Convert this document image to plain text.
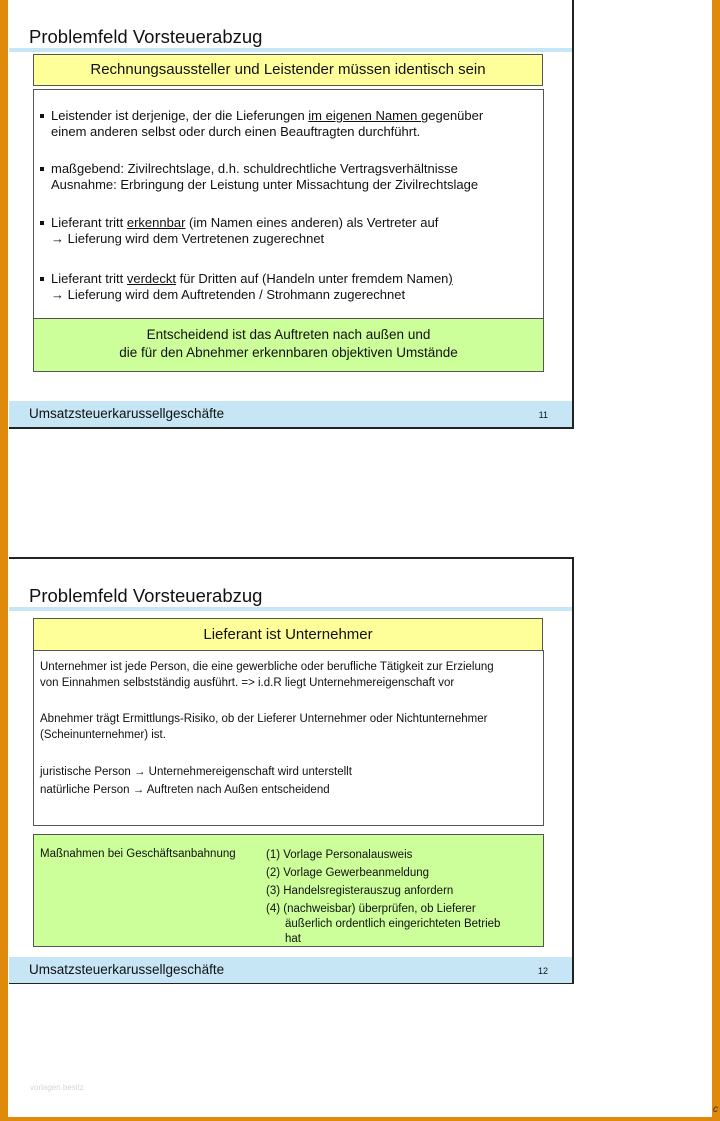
Problemfeld Vorsteuerabzug
Rechnungsaussteller und Leistender müssen identisch sein
Leistender ist derjenige, der die Lieferungen im eigenen Namen gegenüber
einem anderen selbst oder durch einen Beauftragten durchführt.
maßgebend: Zivilrechtslage, d.h. schuldrechtliche Vertragsverhältnisse
Ausnahme: Erbringung der Leistung unter Missachtung der Zivilrechtslage
Lieferant tritt erkennbar (im Namen eines anderen) als Vertreter auf
→ Lieferung wird dem Vertretenen zugerechnet
Lieferant tritt verdeckt für Dritten auf (Handeln unter fremdem Namen)
→ Lieferung wird dem Auftretenden / Strohmann zugerechnet
Entscheidend ist das Auftreten nach außen und
die für den Abnehmer erkennbaren objektiven Umstände
Umsatzsteuerkarussellgeschäfte	11
Problemfeld Vorsteuerabzug
Lieferant ist Unternehmer
Unternehmer ist jede Person, die eine gewerbliche oder berufliche Tätigkeit zur Erzielung
von Einnahmen selbstständig ausführt. => i.d.R liegt Unternehmereigenschaft vor
Abnehmer trägt Ermittlungs-Risiko, ob der Lieferer Unternehmer oder Nichtunternehmer
(Scheinunternehmer) ist.
juristische Person → Unternehmereigenschaft wird unterstellt
natürliche Person → Auftreten nach Außen entscheidend
Maßnahmen bei Geschäftsanbahnung	(1) Vorlage Personalausweis
(2) Vorlage Gewerbeanmeldung
(3) Handelsregisterauszug anfordern
(4) (nachweisbar) überprüfen, ob Lieferer
äußerlich ordentlich eingerichteten Betrieb
hat
Umsatzsteuerkarussellgeschäfte	12
vorlagen.besitz
c
